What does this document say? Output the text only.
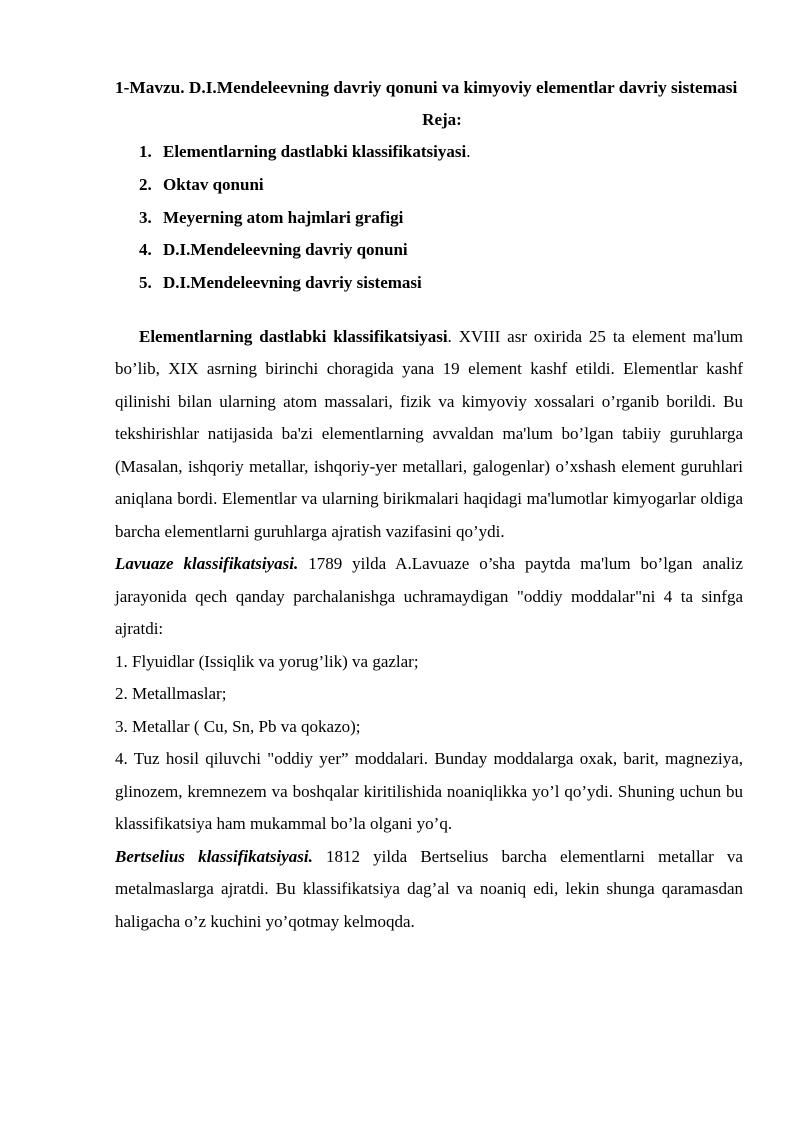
1-Mavzu. D.I.Mendeleevning davriy qonuni va kimyoviy elementlar davriy sistemasi

Reja:

1. Elementlarning dastlabki klassifikatsiyasi.
2. Oktav qonuni
3. Meyerning atom hajmlari grafigi
4. D.I.Mendeleevning davriy qonuni
5. D.I.Mendeleevning davriy sistemasi

Elementlarning dastlabki klassifikatsiyasi. XVIII asr oxirida 25 ta element ma'lum bo’lib, XIX asrning birinchi choragida yana 19 element kashf etildi. Elementlar kashf qilinishi bilan ularning atom massalari, fizik va kimyoviy xossalari o’rganib borildi. Bu tekshirishlar natijasida ba'zi elementlarning avvaldan ma'lum bo’lgan tabiiy guruhlarga (Masalan, ishqoriy metallar, ishqoriy-yer metallari, galogenlar) o’xshash element guruhlari aniqlana bordi. Elementlar va ularning birikmalari haqidagi ma'lumotlar kimyogarlar oldiga barcha elementlarni guruhlarga ajratish vazifasini qo’ydi.

Lavuaze klassifikatsiyasi. 1789 yilda A.Lavuaze o’sha paytda ma'lum bo’lgan analiz jarayonida qech qanday parchalanishga uchramaydigan "oddiy moddalar"ni 4 ta sinfga ajratdi:

1. Flyuidlar (Issiqlik va yorug’lik) va gazlar;

2. Metallmaslar;

3. Metallar ( Cu, Sn, Pb va qokazo);

4. Tuz hosil qiluvchi "oddiy yer” moddalari. Bunday moddalarga oxak, barit, magneziya, glinozem, kremnezem va boshqalar kiritilishida noaniqlikka yo’l qo’ydi. Shuning uchun bu klassifikatsiya ham mukammal bo’la olgani yo’q.

Bertselius klassifikatsiyasi. 1812 yilda Bertselius barcha elementlarni metallar va metalmaslarga ajratdi. Bu klassifikatsiya dag’al va noaniq edi, lekin shunga qaramasdan haligacha o’z kuchini yo’qotmay kelmoqda.
